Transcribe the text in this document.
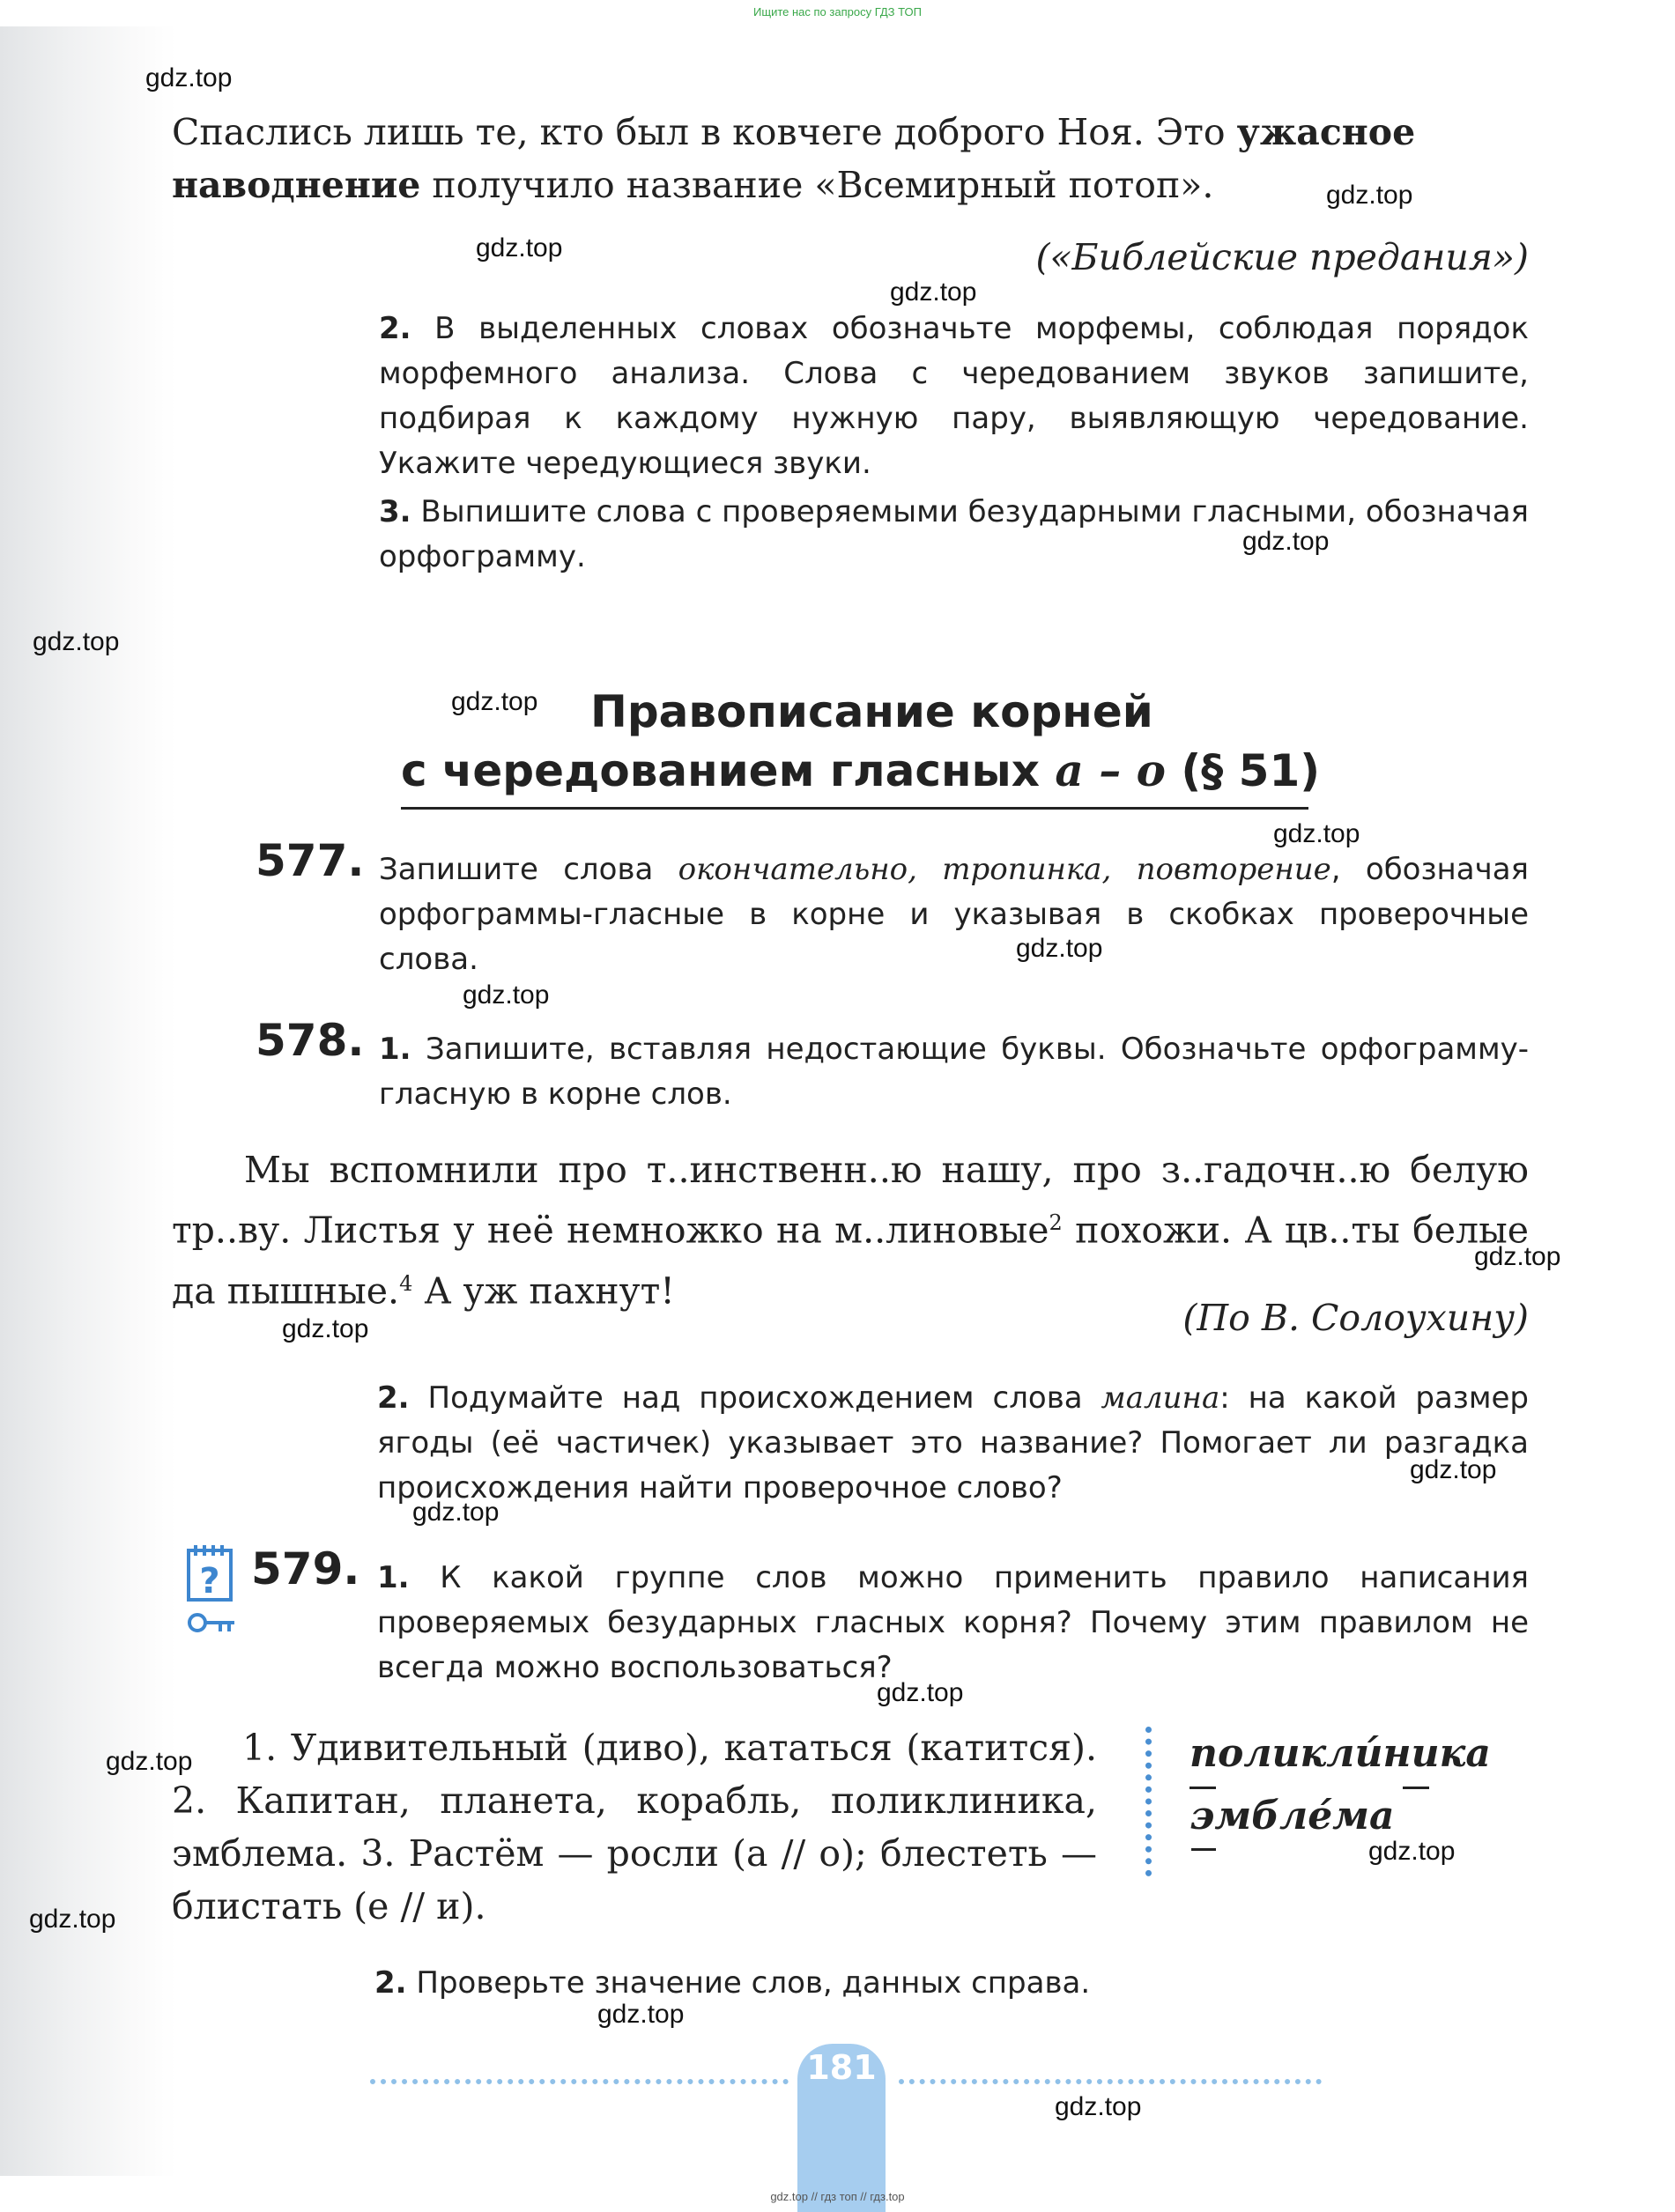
Ищите нас по запросу ГДЗ ТОП
Спаслись лишь те, кто был в ковчеге доброго Ноя. Это ужасное
наводнение получило название «Всемирный потоп».
(«Библейские предания»)
2. В выделенных словах обозначьте морфемы, соблюдая порядок морфемного анализа. Слова с чередованием звуков запишите, подбирая к каждому нужную пару, выявляющую чередование. Укажите чередующиеся звуки.
3. Выпишите слова с проверяемыми безударными гласными, обозначая орфограмму.
Правописание корней
с чередованием гласных а – о (§ 51)
577. Запишите слова окончательно, тропинка, повторение, обозначая орфограммы-гласные в корне и указывая в скобках проверочные слова.
578. 1. Запишите, вставляя недостающие буквы. Обозначьте орфограмму-гласную в корне слов.
Мы вспомнили про т..инственн..ю нашу, про з..гадочн..ю белую тр..ву. Листья у неё немножко на м..линовые$^2$ похожи. А цв..ты белые да пышные.$^4$ А уж пахнут!
(По В. Солоухину)
2. Подумайте над происхождением слова малина: на какой размер ягоды (её частичек) указывает это название? Помогает ли разгадка происхождения найти проверочное слово?
? 579. 1. К какой группе слов можно применить правило написания проверяемых безударных гласных корня? Почему этим правилом не всегда можно воспользоваться?
1. Удивительный (диво), кататься (катится). 2. Капитан, планета, корабль, поликлиника, эмблема. 3. Растём — росли (а // о); блестеть — блистать (е // и).
поликли́ника
эмбле́ма
2. Проверьте значение слов, данных справа.
181
gdz.top
gdz.top
gdz.top
gdz.top
gdz.top
gdz.top
gdz.top
gdz.top
gdz.top
gdz.top
gdz.top
gdz.top
gdz.top
gdz.top
gdz.top
gdz.top
gdz.top
gdz.top
gdz.top
gdz.top
gdz.top // гдз топ // гдз.top
